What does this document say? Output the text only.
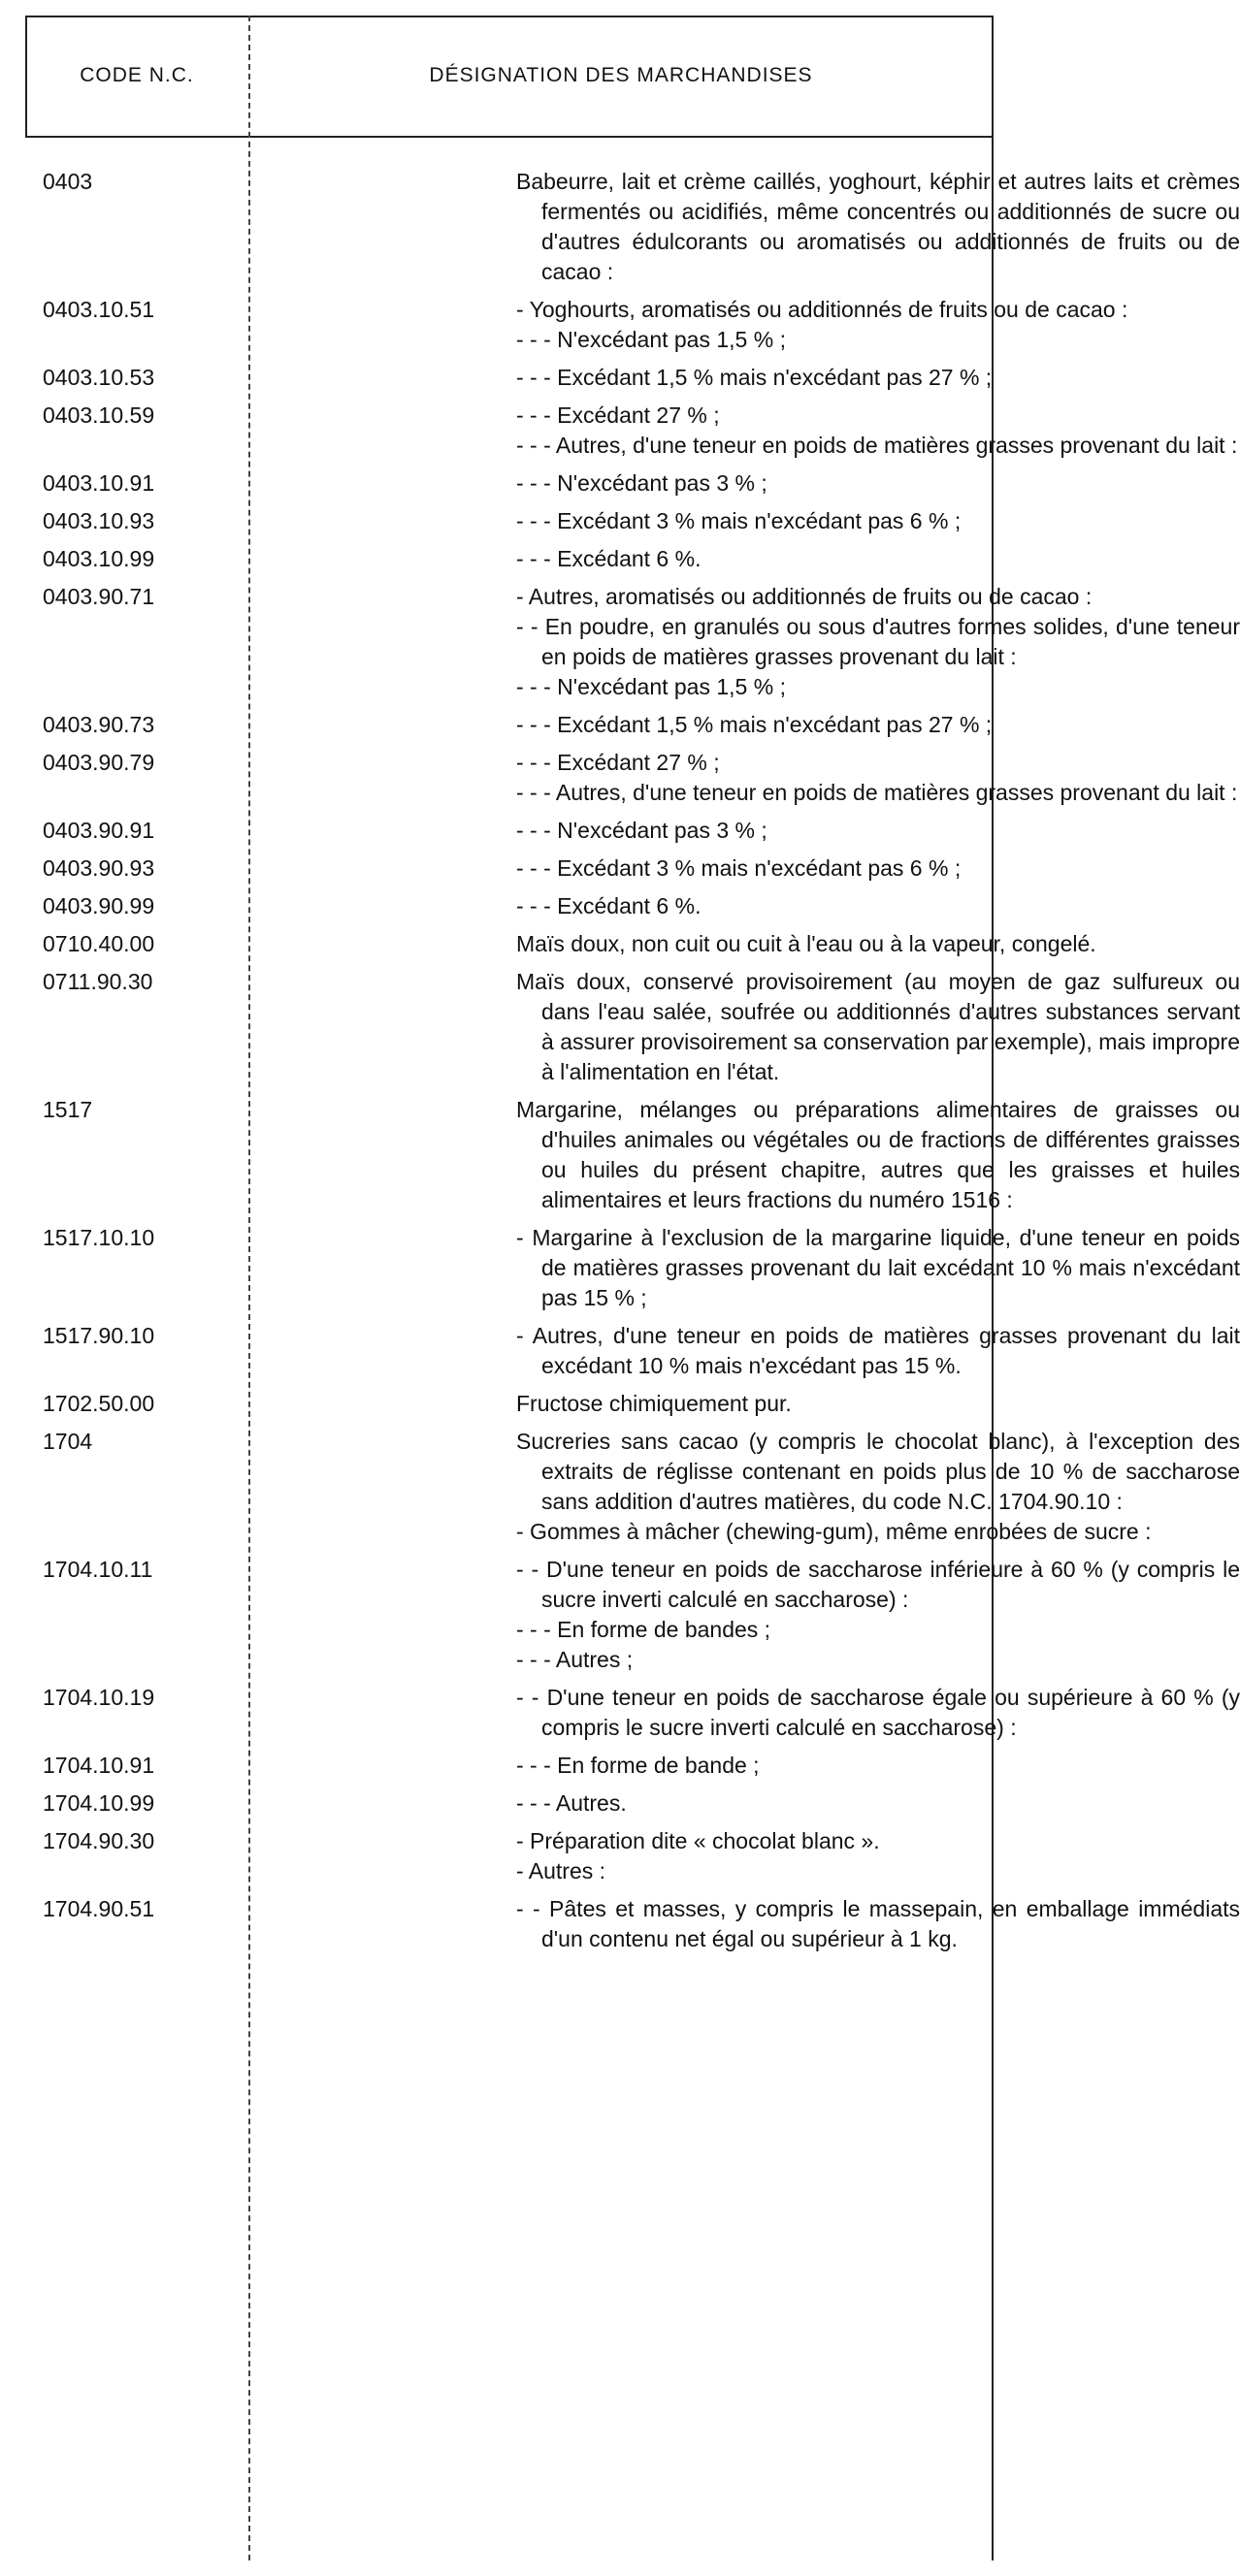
CODE N.C.	DÉSIGNATION DES MARCHANDISES
0403	Babeurre, lait et crème caillés, yoghourt, képhir et autres laits et crèmes fermentés ou acidifiés, même concentrés ou additionnés de sucre ou d'autres édulcorants ou aromatisés ou additionnés de fruits ou de cacao :
0403.10.51	- Yoghourts, aromatisés ou additionnés de fruits ou de cacao :
- - - N'excédant pas 1,5 % ;
0403.10.53	- - - Excédant 1,5 % mais n'excédant pas 27 % ;
0403.10.59	- - - Excédant 27 % ;
- - - Autres, d'une teneur en poids de matières grasses provenant du lait :
0403.10.91	- - - N'excédant pas 3 % ;
0403.10.93	- - - Excédant 3 % mais n'excédant pas 6 % ;
0403.10.99	- - - Excédant 6 %.
0403.90.71	- Autres, aromatisés ou additionnés de fruits ou de cacao :
- - En poudre, en granulés ou sous d'autres formes solides, d'une teneur en poids de matières grasses provenant du lait :
- - - N'excédant pas 1,5 % ;
0403.90.73	- - - Excédant 1,5 % mais n'excédant pas 27 % ;
0403.90.79	- - - Excédant 27 % ;
- - - Autres, d'une teneur en poids de matières grasses provenant du lait :
0403.90.91	- - - N'excédant pas 3 % ;
0403.90.93	- - - Excédant 3 % mais n'excédant pas 6 % ;
0403.90.99	- - - Excédant 6 %.
0710.40.00	Maïs doux, non cuit ou cuit à l'eau ou à la vapeur, congelé.
0711.90.30	Maïs doux, conservé provisoirement (au moyen de gaz sulfureux ou dans l'eau salée, soufrée ou additionnés d'autres substances servant à assurer provisoirement sa conservation par exemple), mais impropre à l'alimentation en l'état.
1517	Margarine, mélanges ou préparations alimentaires de graisses ou d'huiles animales ou végétales ou de fractions de différentes graisses ou huiles du présent chapitre, autres que les graisses et huiles alimentaires et leurs fractions du numéro 1516 :
1517.10.10	- Margarine à l'exclusion de la margarine liquide, d'une teneur en poids de matières grasses provenant du lait excédant 10 % mais n'excédant pas 15 % ;
1517.90.10	- Autres, d'une teneur en poids de matières grasses provenant du lait excédant 10 % mais n'excédant pas 15 %.
1702.50.00	Fructose chimiquement pur.
1704	Sucreries sans cacao (y compris le chocolat blanc), à l'exception des extraits de réglisse contenant en poids plus de 10 % de saccharose sans addition d'autres matières, du code N.C. 1704.90.10 :
- Gommes à mâcher (chewing-gum), même enrobées de sucre :
1704.10.11	- - D'une teneur en poids de saccharose inférieure à 60 % (y compris le sucre inverti calculé en saccharose) :
- - - En forme de bandes ;
- - - Autres ;
1704.10.19	- - D'une teneur en poids de saccharose égale ou supérieure à 60 % (y compris le sucre inverti calculé en saccharose) :
1704.10.91	- - - En forme de bande ;
1704.10.99	- - - Autres.
1704.90.30	- Préparation dite « chocolat blanc ».
- Autres :
1704.90.51	- - Pâtes et masses, y compris le massepain, en emballage immédiats d'un contenu net égal ou supérieur à 1 kg.
